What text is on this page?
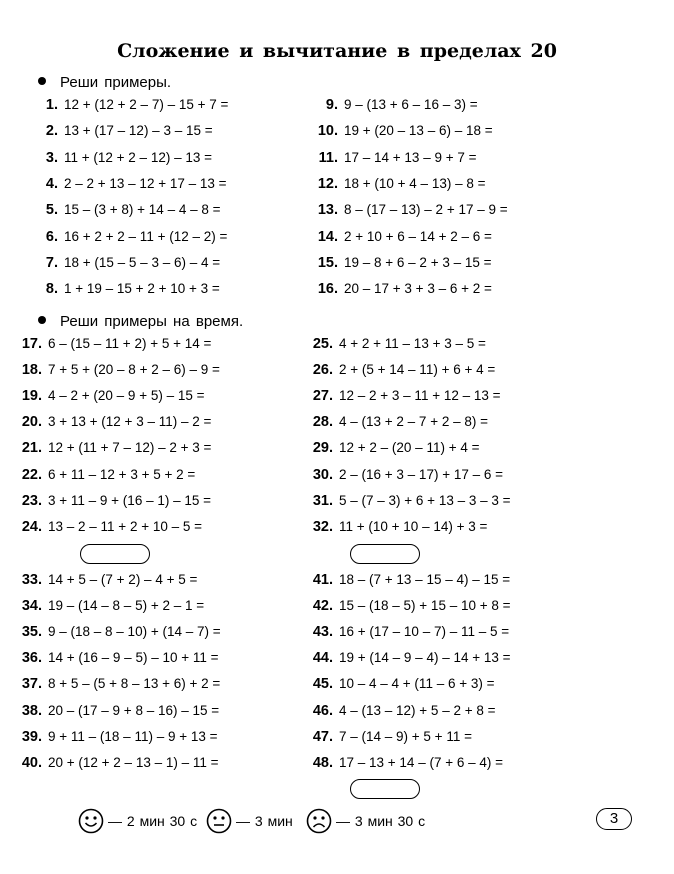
Сложение и вычитание в пределах 20
Реши примеры.
Реши примеры на время.
1. 12 + (12 + 2 – 7) – 15 + 7 =
2. 13 + (17 – 12) – 3 – 15 =
3. 11 + (12 + 2 – 12) – 13 =
4. 2 – 2 + 13 – 12 + 17 – 13 =
5. 15 – (3 + 8) + 14 – 4 – 8 =
6. 16 + 2 + 2 – 11 + (12 – 2) =
7. 18 + (15 – 5 – 3 – 6) – 4 =
8. 1 + 19 – 15 + 2 + 10 + 3 =
9. 9 – (13 + 6 – 16 – 3) =
10. 19 + (20 – 13 – 6) – 18 =
11. 17 – 14 + 13 – 9 + 7 =
12. 18 + (10 + 4 – 13) – 8 =
13. 8 – (17 – 13) – 2 + 17 – 9 =
14. 2 + 10 + 6 – 14 + 2 – 6 =
15. 19 – 8 + 6 – 2 + 3 – 15 =
16. 20 – 17 + 3 + 3 – 6 + 2 =
17. 6 – (15 – 11 + 2) + 5 + 14 =
18. 7 + 5 + (20 – 8 + 2 – 6) – 9 =
19. 4 – 2 + (20 – 9 + 5) – 15 =
20. 3 + 13 + (12 + 3 – 11) – 2 =
21. 12 + (11 + 7 – 12) – 2 + 3 =
22. 6 + 11 – 12 + 3 + 5 + 2 =
23. 3 + 11 – 9 + (16 – 1) – 15 =
24. 13 – 2 – 11 + 2 + 10 – 5 =
25. 4 + 2 + 11 – 13 + 3 – 5 =
26. 2 + (5 + 14 – 11) + 6 + 4 =
27. 12 – 2 + 3 – 11 + 12 – 13 =
28. 4 – (13 + 2 – 7 + 2 – 8) =
29. 12 + 2 – (20 – 11) + 4 =
30. 2 – (16 + 3 – 17) + 17 – 6 =
31. 5 – (7 – 3) + 6 + 13 – 3 – 3 =
32. 11 + (10 + 10 – 14) + 3 =
33. 14 + 5 – (7 + 2) – 4 + 5 =
34. 19 – (14 – 8 – 5) + 2 – 1 =
35. 9 – (18 – 8 – 10) + (14 – 7) =
36. 14 + (16 – 9 – 5) – 10 + 11 =
37. 8 + 5 – (5 + 8 – 13 + 6) + 2 =
38. 20 – (17 – 9 + 8 – 16) – 15 =
39. 9 + 11 – (18 – 11) – 9 + 13 =
40. 20 + (12 + 2 – 13 – 1) – 11 =
41. 18 – (7 + 13 – 15 – 4) – 15 =
42. 15 – (18 – 5) + 15 – 10 + 8 =
43. 16 + (17 – 10 – 7) – 11 – 5 =
44. 19 + (14 – 9 – 4) – 14 + 13 =
45. 10 – 4 – 4 + (11 – 6 + 3) =
46. 4 – (13 – 12) + 5 – 2 + 8 =
47. 7 – (14 – 9) + 5 + 11 =
48. 17 – 13 + 14 – (7 + 6 – 4) =
— 2 мин 30 с	— 3 мин	— 3 мин 30 с	3
